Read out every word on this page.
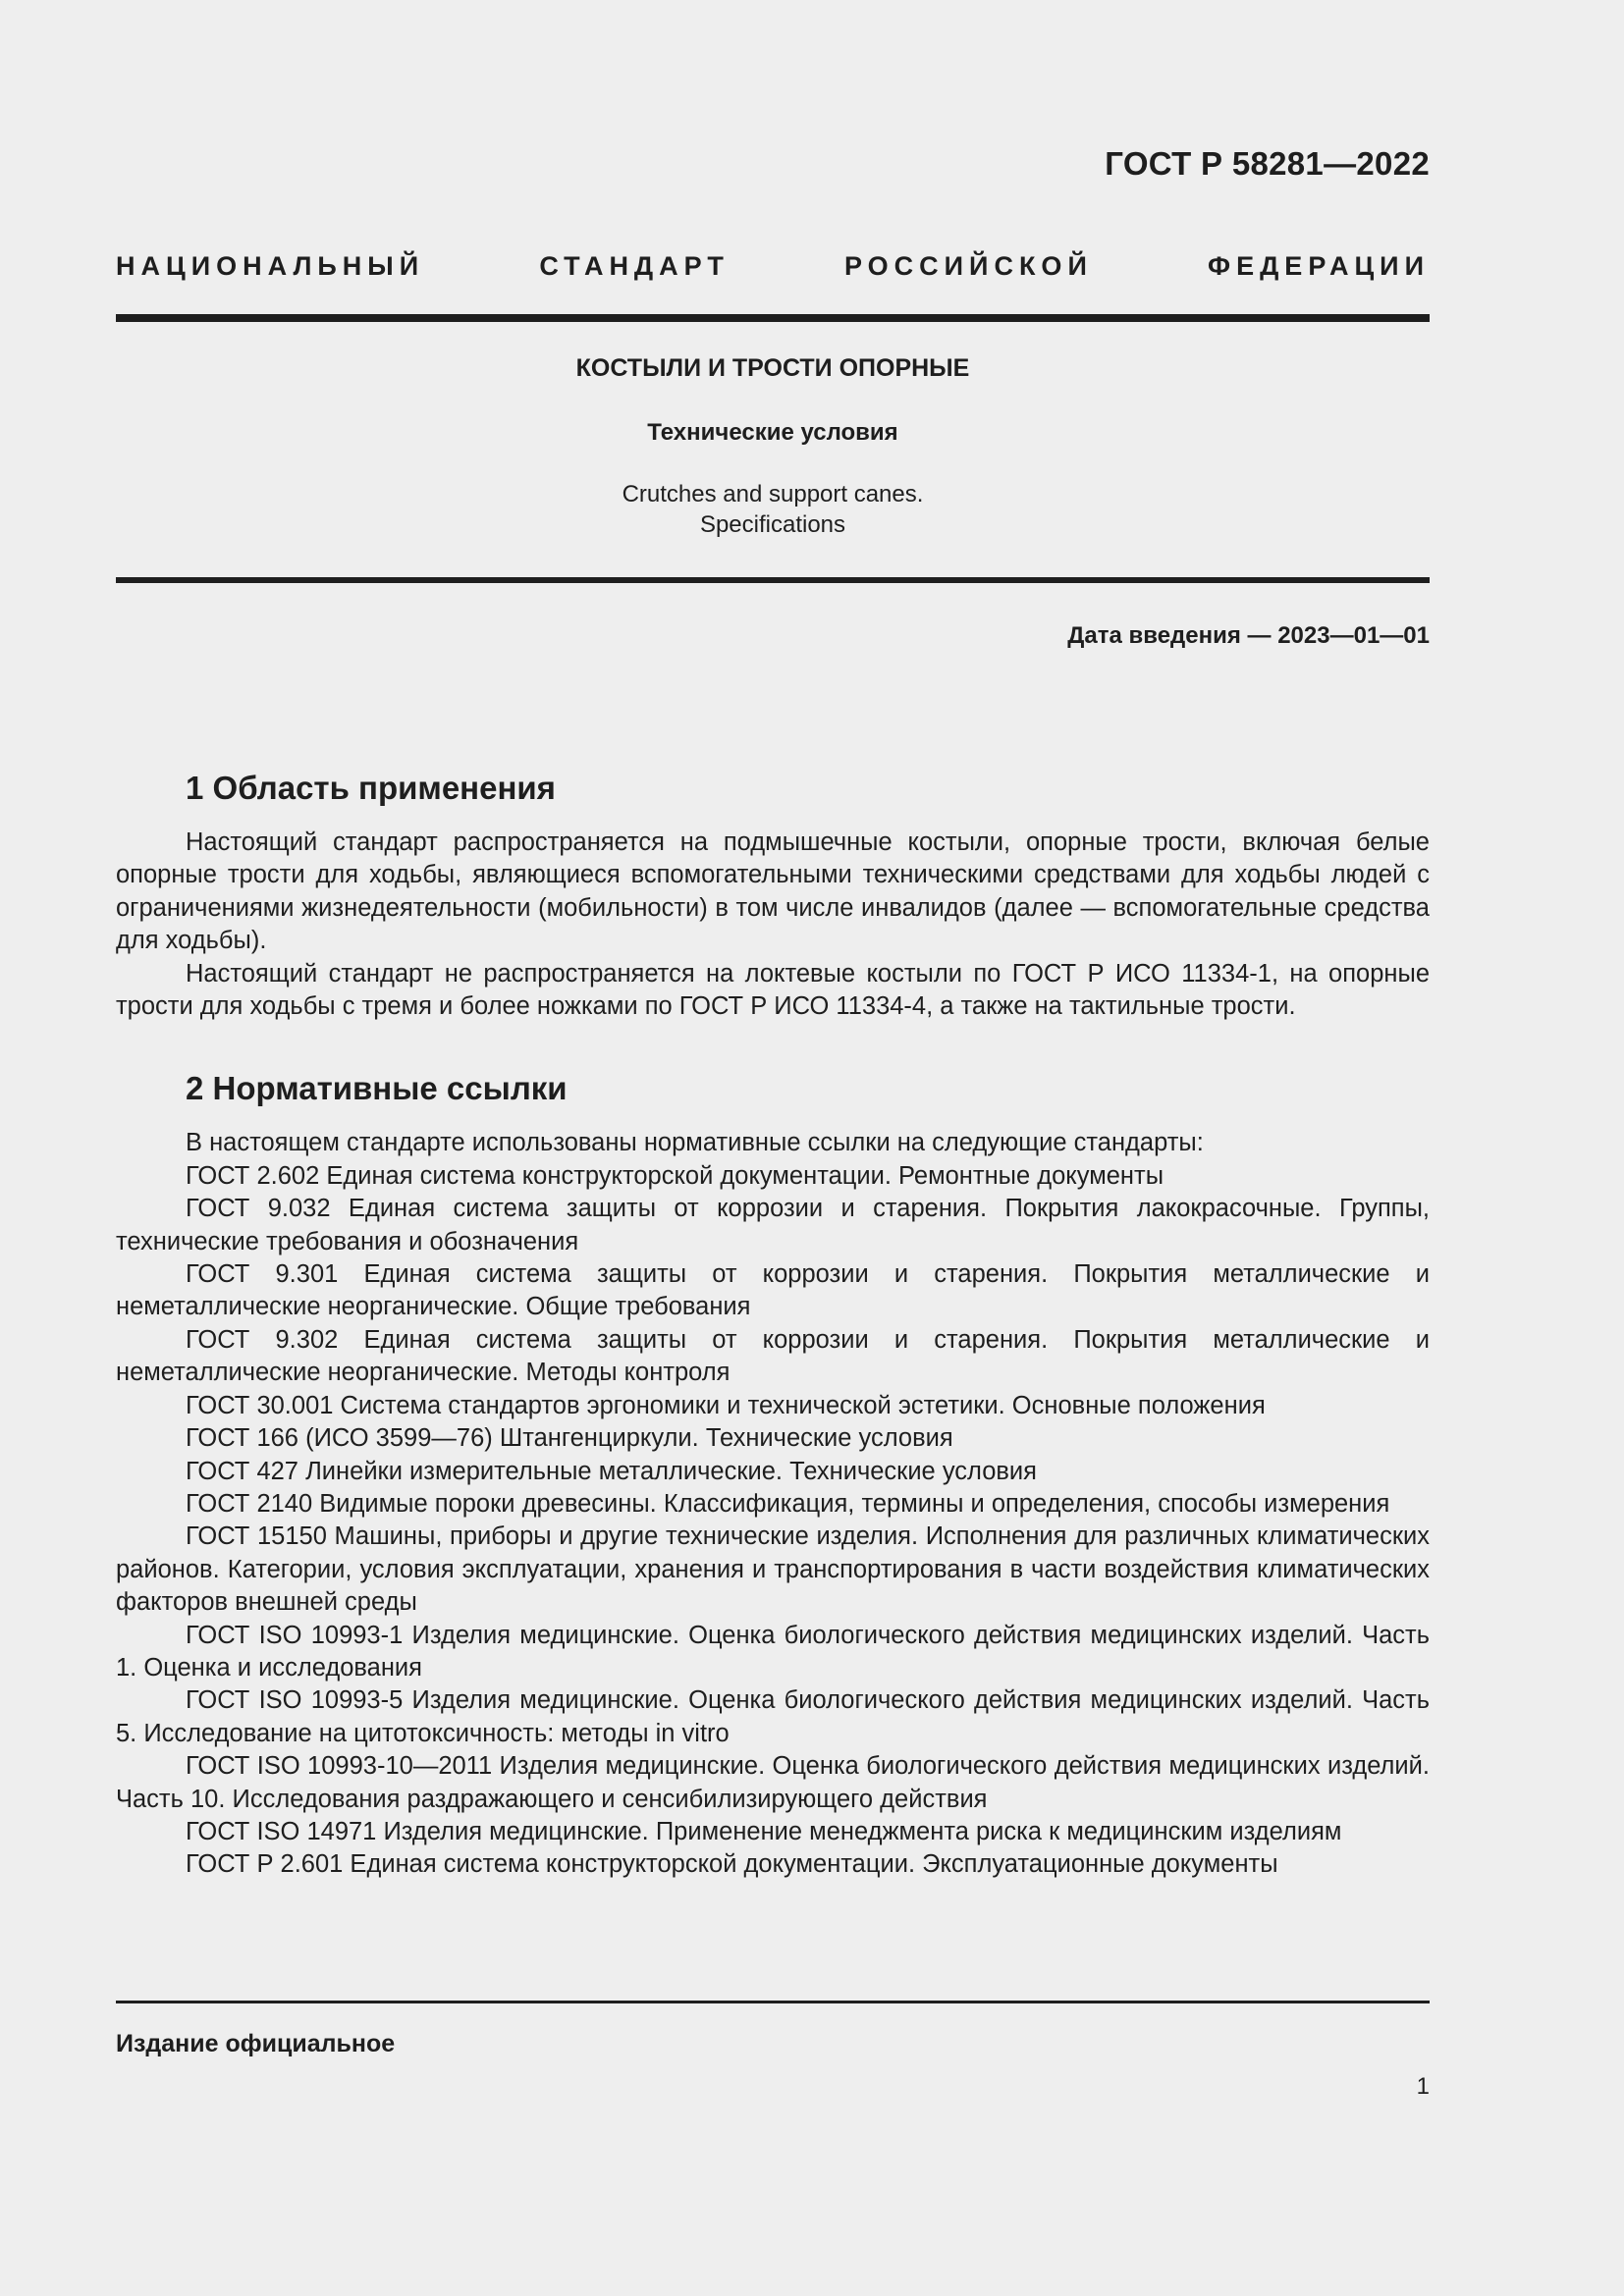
ГОСТ Р 58281—2022
НАЦИОНАЛЬНЫЙ СТАНДАРТ РОССИЙСКОЙ ФЕДЕРАЦИИ
КОСТЫЛИ И ТРОСТИ ОПОРНЫЕ
Технические условия
Crutches and support canes.
Specifications
Дата введения — 2023—01—01
1 Область применения

Настоящий стандарт распространяется на подмышечные костыли, опорные трости, включая белые опорные трости для ходьбы, являющиеся вспомогательными техническими средствами для ходьбы людей с ограничениями жизнедеятельности (мобильности) в том числе инвалидов (далее — вспомогательные средства для ходьбы).

Настоящий стандарт не распространяется на локтевые костыли по ГОСТ Р ИСО 11334-1, на опорные трости для ходьбы с тремя и более ножками по ГОСТ Р ИСО 11334-4, а также на тактильные трости.

2 Нормативные ссылки

В настоящем стандарте использованы нормативные ссылки на следующие стандарты:

ГОСТ 2.602 Единая система конструкторской документации. Ремонтные документы

ГОСТ 9.032 Единая система защиты от коррозии и старения. Покрытия лакокрасочные. Группы, технические требования и обозначения

ГОСТ 9.301 Единая система защиты от коррозии и старения. Покрытия металлические и неметаллические неорганические. Общие требования

ГОСТ 9.302 Единая система защиты от коррозии и старения. Покрытия металлические и неметаллические неорганические. Методы контроля

ГОСТ 30.001 Система стандартов эргономики и технической эстетики. Основные положения

ГОСТ 166 (ИСО 3599—76) Штангенциркули. Технические условия

ГОСТ 427 Линейки измерительные металлические. Технические условия

ГОСТ 2140 Видимые пороки древесины. Классификация, термины и определения, способы измерения

ГОСТ 15150 Машины, приборы и другие технические изделия. Исполнения для различных климатических районов. Категории, условия эксплуатации, хранения и транспортирования в части воздействия климатических факторов внешней среды

ГОСТ ISO 10993-1 Изделия медицинские. Оценка биологического действия медицинских изделий. Часть 1. Оценка и исследования

ГОСТ ISO 10993-5 Изделия медицинские. Оценка биологического действия медицинских изделий. Часть 5. Исследование на цитотоксичность: методы in vitro

ГОСТ ISO 10993-10—2011 Изделия медицинские. Оценка биологического действия медицинских изделий. Часть 10. Исследования раздражающего и сенсибилизирующего действия

ГОСТ ISO 14971 Изделия медицинские. Применение менеджмента риска к медицинским изделиям

ГОСТ Р 2.601 Единая система конструкторской документации. Эксплуатационные документы

Издание официальное
1
